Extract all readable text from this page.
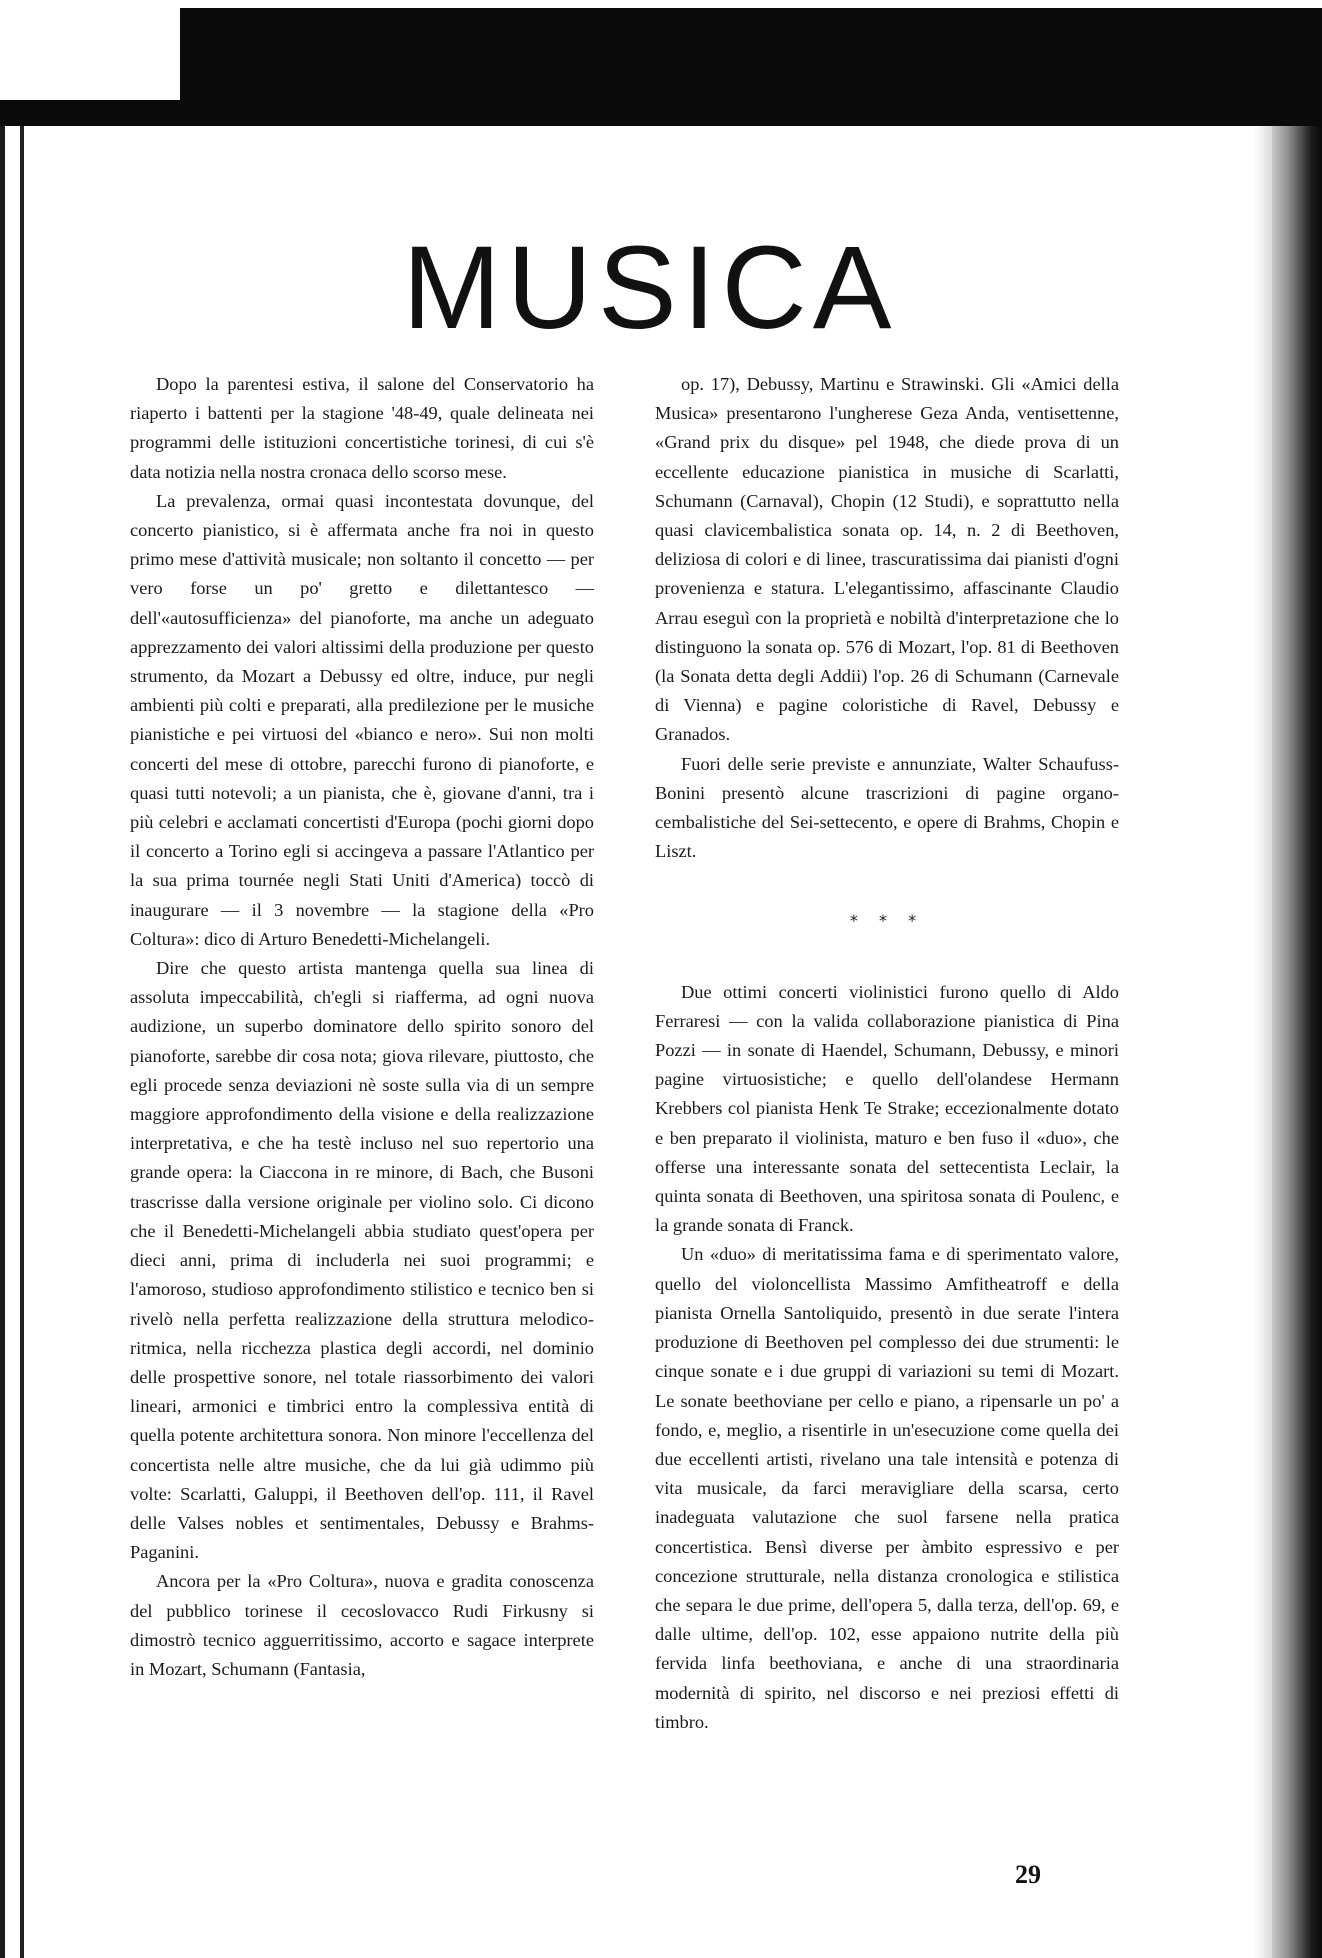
MUSICA

Dopo la parentesi estiva, il salone del Conservatorio ha riaperto i battenti per la stagione '48-49, quale delineata nei programmi delle istituzioni concertistiche torinesi, di cui s'è data notizia nella nostra cronaca dello scorso mese.

La prevalenza, ormai quasi incontestata dovunque, del concerto pianistico, si è affermata anche fra noi in questo primo mese d'attività musicale; non soltanto il concetto — per vero forse un po' gretto e dilettantesco — dell'«autosufficienza» del pianoforte, ma anche un adeguato apprezzamento dei valori altissimi della produzione per questo strumento, da Mozart a Debussy ed oltre, induce, pur negli ambienti più colti e preparati, alla predilezione per le musiche pianistiche e pei virtuosi del «bianco e nero». Sui non molti concerti del mese di ottobre, parecchi furono di pianoforte, e quasi tutti notevoli; a un pianista, che è, giovane d'anni, tra i più celebri e acclamati concertisti d'Europa (pochi giorni dopo il concerto a Torino egli si accingeva a passare l'Atlantico per la sua prima tournée negli Stati Uniti d'America) toccò di inaugurare — il 3 novembre — la stagione della «Pro Coltura»: dico di Arturo Benedetti-Michelangeli.

Dire che questo artista mantenga quella sua linea di assoluta impeccabilità, ch'egli si riafferma, ad ogni nuova audizione, un superbo dominatore dello spirito sonoro del pianoforte, sarebbe dir cosa nota; giova rilevare, piuttosto, che egli procede senza deviazioni nè soste sulla via di un sempre maggiore approfondimento della visione e della realizzazione interpretativa, e che ha testè incluso nel suo repertorio una grande opera: la Ciaccona in re minore, di Bach, che Busoni trascrisse dalla versione originale per violino solo. Ci dicono che il Benedetti-Michelangeli abbia studiato quest'opera per dieci anni, prima di includerla nei suoi programmi; e l'amoroso, studioso approfondimento stilistico e tecnico ben si rivelò nella perfetta realizzazione della struttura melodico-ritmica, nella ricchezza plastica degli accordi, nel dominio delle prospettive sonore, nel totale riassorbimento dei valori lineari, armonici e timbrici entro la complessiva entità di quella potente architettura sonora. Non minore l'eccellenza del concertista nelle altre musiche, che da lui già udimmo più volte: Scarlatti, Galuppi, il Beethoven dell'op. 111, il Ravel delle Valses nobles et sentimentales, Debussy e Brahms-Paganini.

Ancora per la «Pro Coltura», nuova e gradita conoscenza del pubblico torinese il cecoslovacco Rudi Firkusny si dimostrò tecnico agguerritissimo, accorto e sagace interprete in Mozart, Schumann (Fantasia,

op. 17), Debussy, Martinu e Strawinski. Gli «Amici della Musica» presentarono l'ungherese Geza Anda, ventisettenne, «Grand prix du disque» pel 1948, che diede prova di un eccellente educazione pianistica in musiche di Scarlatti, Schumann (Carnaval), Chopin (12 Studi), e soprattutto nella quasi clavicembalistica sonata op. 14, n. 2 di Beethoven, deliziosa di colori e di linee, trascuratissima dai pianisti d'ogni provenienza e statura. L'elegantissimo, affascinante Claudio Arrau eseguì con la proprietà e nobiltà d'interpretazione che lo distinguono la sonata op. 576 di Mozart, l'op. 81 di Beethoven (la Sonata detta degli Addii) l'op. 26 di Schumann (Carnevale di Vienna) e pagine coloristiche di Ravel, Debussy e Granados.

Fuori delle serie previste e annunziate, Walter Schaufuss-Bonini presentò alcune trascrizioni di pagine organo-cembalistiche del Sei-settecento, e opere di Brahms, Chopin e Liszt.

* * *

Due ottimi concerti violinistici furono quello di Aldo Ferraresi — con la valida collaborazione pianistica di Pina Pozzi — in sonate di Haendel, Schumann, Debussy, e minori pagine virtuosistiche; e quello dell'olandese Hermann Krebbers col pianista Henk Te Strake; eccezionalmente dotato e ben preparato il violinista, maturo e ben fuso il «duo», che offerse una interessante sonata del settecentista Leclair, la quinta sonata di Beethoven, una spiritosa sonata di Poulenc, e la grande sonata di Franck.

Un «duo» di meritatissima fama e di sperimentato valore, quello del violoncellista Massimo Amfitheatroff e della pianista Ornella Santoliquido, presentò in due serate l'intera produzione di Beethoven pel complesso dei due strumenti: le cinque sonate e i due gruppi di variazioni su temi di Mozart. Le sonate beethoviane per cello e piano, a ripensarle un po' a fondo, e, meglio, a risentirle in un'esecuzione come quella dei due eccellenti artisti, rivelano una tale intensità e potenza di vita musicale, da farci meravigliare della scarsa, certo inadeguata valutazione che suol farsene nella pratica concertistica. Bensì diverse per àmbito espressivo e per concezione strutturale, nella distanza cronologica e stilistica che separa le due prime, dell'opera 5, dalla terza, dell'op. 69, e dalle ultime, dell'op. 102, esse appaiono nutrite della più fervida linfa beethoviana, e anche di una straordinaria modernità di spirito, nel discorso e nei preziosi effetti di timbro.

29
